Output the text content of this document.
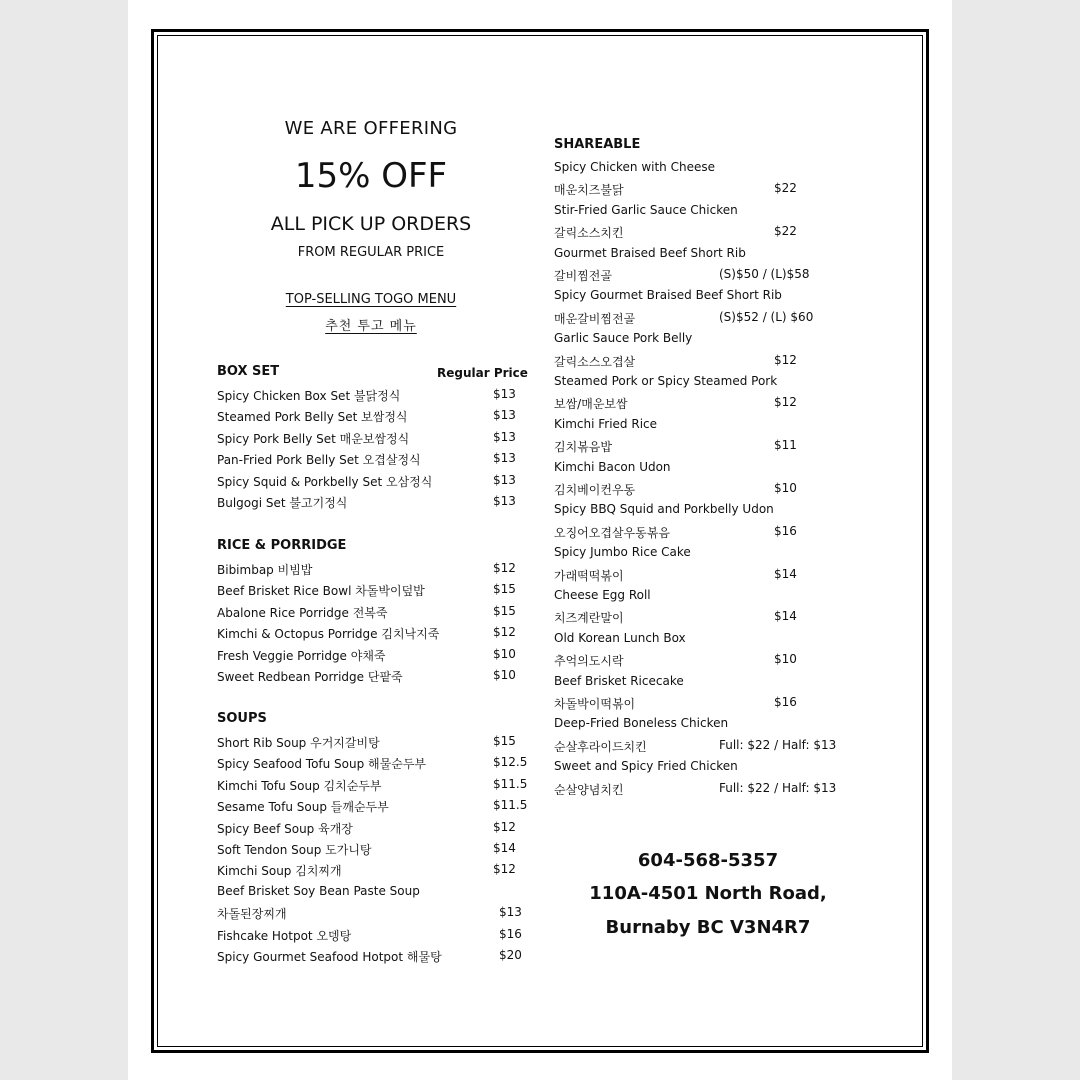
WE ARE OFFERING
15% OFF
ALL PICK UP ORDERS
FROM REGULAR PRICE
TOP-SELLING TOGO MENU
추천 투고 메뉴
BOX SET	Regular Price
Spicy Chicken Box Set 불닭정식	$13
Steamed Pork Belly Set 보쌈정식	$13
Spicy Pork Belly Set 매운보쌈정식	$13
Pan-Fried Pork Belly Set 오겹살정식	$13
Spicy Squid & Porkbelly Set 오삼정식	$13
Bulgogi Set 불고기정식	$13
RICE & PORRIDGE
Bibimbap 비빔밥	$12
Beef Brisket Rice Bowl 차돌박이덮밥	$15
Abalone Rice Porridge 전복죽	$15
Kimchi & Octopus Porridge 김치낙지죽	$12
Fresh Veggie Porridge 야채죽	$10
Sweet Redbean Porridge 단팥죽	$10
SOUPS
Short Rib Soup 우거지갈비탕	$15
Spicy Seafood Tofu Soup 해물순두부	$12.5
Kimchi Tofu Soup 김치순두부	$11.5
Sesame Tofu Soup 들깨순두부	$11.5
Spicy Beef Soup 육개장	$12
Soft Tendon Soup 도가니탕	$14
Kimchi Soup 김치찌개	$12
Beef Brisket Soy Bean Paste Soup
차돌된장찌개	$13
Fishcake Hotpot 오뎅탕	$16
Spicy Gourmet Seafood Hotpot 해물탕	$20
SHAREABLE
Spicy Chicken with Cheese
매운치즈불닭	$22
Stir-Fried Garlic Sauce Chicken
갈릭소스치킨	$22
Gourmet Braised Beef Short Rib
갈비찜전골	(S)$50 / (L)$58
Spicy Gourmet Braised Beef Short Rib
매운갈비찜전골	(S)$52 / (L) $60
Garlic Sauce Pork Belly
갈릭소스오겹살	$12
Steamed Pork or Spicy Steamed Pork
보쌈/매운보쌈	$12
Kimchi Fried Rice
김치볶음밥	$11
Kimchi Bacon Udon
김치베이컨우동	$10
Spicy BBQ Squid and Porkbelly Udon
오징어오겹살우동볶음	$16
Spicy Jumbo Rice Cake
가래떡떡볶이	$14
Cheese Egg Roll
치즈계란말이	$14
Old Korean Lunch Box
추억의도시락	$10
Beef Brisket Ricecake
차돌박이떡볶이	$16
Deep-Fried Boneless Chicken
순살후라이드치킨	Full: $22 / Half: $13
Sweet and Spicy Fried Chicken
순살양념치킨	Full: $22 / Half: $13
604-568-5357
110A-4501 North Road,
Burnaby BC V3N4R7
